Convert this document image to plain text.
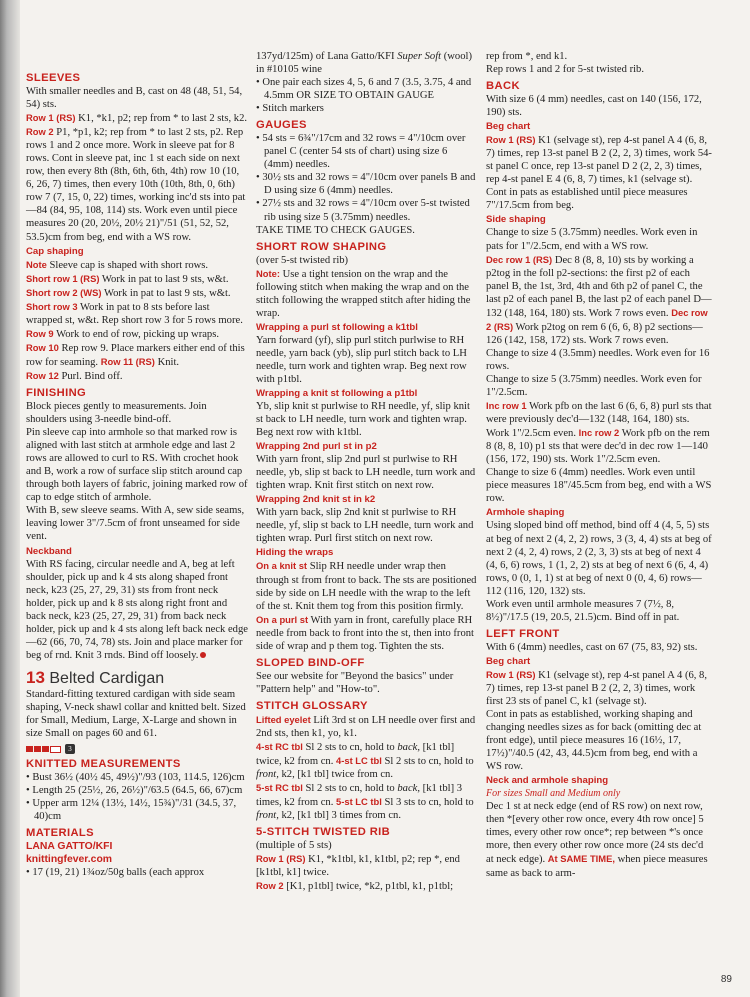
SLEEVES

With smaller needles and B, cast on 48 (48, 51, 54, 54) sts.

Row 1 (RS) K1, *k1, p2; rep from * to last 2 sts, k2. Row 2 P1, *p1, k2; rep from * to last 2 sts, p2. Rep rows 1 and 2 once more. Work in sleeve pat for 8 rows. Cont in sleeve pat, inc 1 st each side on next row, then every 8th (8th, 6th, 6th, 4th) row 10 (10, 6, 26, 7) times, then every 10th (10th, 8th, 0, 6th) row 7 (7, 15, 0, 22) times, working inc'd sts into pat—84 (84, 95, 108, 114) sts. Work even until piece measures 20 (20, 20½, 20½ 21)"/51 (51, 52, 52, 53.5)cm from beg, end with a WS row.

Cap shaping

Note Sleeve cap is shaped with short rows.

Short row 1 (RS) Work in pat to last 9 sts, w&t.

Short row 2 (WS) Work in pat to last 9 sts, w&t.

Short row 3 Work in pat to 8 sts before last wrapped st, w&t. Rep short row 3 for 5 rows more.

Row 9 Work to end of row, picking up wraps.

Row 10 Rep row 9. Place markers either end of this row for seaming. Row 11 (RS) Knit.

Row 12 Purl. Bind off.

FINISHING

Block pieces gently to measurements. Join shoulders using 3-needle bind-off.

Pin sleeve cap into armhole so that marked row is aligned with last stitch at armhole edge and last 2 rows are allowed to curl to RS. With crochet hook and B, work a row of surface slip stitch around cap through both layers of fabric, joining marked row of cap to edge stitch of armhole.

With B, sew sleeve seams. With A, sew side seams, leaving lower 3"/7.5cm of front unseamed for side vent.

Neckband

With RS facing, circular needle and A, beg at left shoulder, pick up and k 4 sts along shaped front neck, k23 (25, 27, 29, 31) sts from front neck holder, pick up and k 8 sts along right front and back neck, k23 (25, 27, 29, 31) from back neck holder, pick up and k 4 sts along left back neck edge—62 (66, 70, 74, 78) sts. Join and place marker for beg of rnd. Knit 3 rnds. Bind off loosely.

13 Belted Cardigan

Standard-fitting textured cardigan with side seam shaping, V-neck shawl collar and knitted belt. Sized for Small, Medium, Large, X-Large and shown in size Small on pages 60 and 61.

3
KNITTED MEASUREMENTS

• Bust 36½ (40½ 45, 49½)"/93 (103, 114.5, 126)cm

• Length 25 (25½, 26, 26½)"/63.5 (64.5, 66, 67)cm

• Upper arm 12¼ (13½, 14½, 15¾)"/31 (34.5, 37, 40)cm

MATERIALS
LANA GATTO/KFI
knittingfever.com

• 17 (19, 21) 1¾oz/50g balls (each approx

137yd/125m) of Lana Gatto/KFI Super Soft (wool) in #10105 wine

• One pair each sizes 4, 5, 6 and 7 (3.5, 3.75, 4 and 4.5mm OR SIZE TO OBTAIN GAUGE

• Stitch markers

GAUGES

• 54 sts = 6¾"/17cm and 32 rows = 4"/10cm over panel C (center 54 sts of chart) using size 6 (4mm) needles.

• 30½ sts and 32 rows = 4"/10cm over panels B and D using size 6 (4mm) needles.

• 27½ sts and 32 rows = 4"/10cm over 5-st twisted rib using size 5 (3.75mm) needles.

TAKE TIME TO CHECK GAUGES.

SHORT ROW SHAPING

(over 5-st twisted rib)

Note: Use a tight tension on the wrap and the following stitch when making the wrap and on the stitch following the wrapped stitch after hiding the wrap.

Wrapping a purl st following a k1tbl

Yarn forward (yf), slip purl stitch purlwise to RH needle, yarn back (yb), slip purl stitch back to LH needle, turn work and tighten wrap. Beg next row with p1tbl.

Wrapping a knit st following a p1tbl

Yb, slip knit st purlwise to RH needle, yf, slip knit st back to LH needle, turn work and tighten wrap. Beg next row with k1tbl.

Wrapping 2nd purl st in p2

With yarn front, slip 2nd purl st purlwise to RH needle, yb, slip st back to LH needle, turn work and tighten wrap. Knit first stitch on next row.

Wrapping 2nd knit st in k2

With yarn back, slip 2nd knit st purlwise to RH needle, yf, slip st back to LH needle, turn work and tighten wrap. Purl first stitch on next row.

Hiding the wraps

On a knit st Slip RH needle under wrap then through st from front to back. The sts are positioned side by side on LH needle with the wrap to the left of the st. Knit them tog from this position firmly.

On a purl st With yarn in front, carefully place RH needle from back to front into the st, then into front side of wrap and p them tog. Tighten the sts.

SLOPED BIND-OFF

See our website for "Beyond the basics" under "Pattern help" and "How-to".

STITCH GLOSSARY

Lifted eyelet Lift 3rd st on LH needle over first and 2nd sts, then k1, yo, k1.

4-st RC tbl Sl 2 sts to cn, hold to back, [k1 tbl] twice, k2 from cn. 4-st LC tbl Sl 2 sts to cn, hold to front, k2, [k1 tbl] twice from cn.

5-st RC tbl Sl 2 sts to cn, hold to back, [k1 tbl] 3 times, k2 from cn. 5-st LC tbl Sl 3 sts to cn, hold to front, k2, [k1 tbl] 3 times from cn.

5-STITCH TWISTED RIB

(multiple of 5 sts)

Row 1 (RS) K1, *k1tbl, k1, k1tbl, p2; rep *, end [k1tbl, k1] twice.

Row 2 [K1, p1tbl] twice, *k2, p1tbl, k1, p1tbl;

rep from *, end k1.

Rep rows 1 and 2 for 5-st twisted rib.

BACK

With size 6 (4 mm) needles, cast on 140 (156, 172, 190) sts.

Beg chart

Row 1 (RS) K1 (selvage st), rep 4-st panel A 4 (6, 8, 7) times, rep 13-st panel B 2 (2, 2, 3) times, work 54-st panel C once, rep 13-st panel D 2 (2, 2, 3) times, rep 4-st panel E 4 (6, 8, 7) times, k1 (selvage st). Cont in pats as established until piece measures 7"/17.5cm from beg.

Side shaping

Change to size 5 (3.75mm) needles. Work even in pats for 1"/2.5cm, end with a WS row.

Dec row 1 (RS) Dec 8 (8, 8, 10) sts by working a p2tog in the foll p2-sections: the first p2 of each panel B, the 1st, 3rd, 4th and 6th p2 of panel C, the last p2 of each panel B, the last p2 of each panel D—132 (148, 164, 180) sts. Work 7 rows even. Dec row 2 (RS) Work p2tog on rem 6 (6, 6, 8) p2 sections—126 (142, 158, 172) sts. Work 7 rows even.

Change to size 4 (3.5mm) needles. Work even for 16 rows.

Change to size 5 (3.75mm) needles. Work even for 1"/2.5cm.

Inc row 1 Work pfb on the last 6 (6, 6, 8) purl sts that were previously dec'd—132 (148, 164, 180) sts. Work 1"/2.5cm even. Inc row 2 Work pfb on the rem 8 (8, 8, 10) p1 sts that were dec'd in dec row 1—140 (156, 172, 190) sts. Work 1"/2.5cm even.

Change to size 6 (4mm) needles. Work even until piece measures 18"/45.5cm from beg, end with a WS row.

Armhole shaping

Using sloped bind off method, bind off 4 (4, 5, 5) sts at beg of next 2 (4, 2, 2) rows, 3 (3, 4, 4) sts at beg of next 2 (4, 2, 4) rows, 2 (2, 3, 3) sts at beg of next 4 (4, 6, 6) rows, 1 (1, 2, 2) sts at beg of next 6 (6, 4, 4) rows, 0 (0, 1, 1) st at beg of next 0 (0, 4, 6) rows—112 (116, 120, 132) sts.

Work even until armhole measures 7 (7½, 8, 8½)"/17.5 (19, 20.5, 21.5)cm. Bind off in pat.

LEFT FRONT

With 6 (4mm) needles, cast on 67 (75, 83, 92) sts.

Beg chart

Row 1 (RS) K1 (selvage st), rep 4-st panel A 4 (6, 8, 7) times, rep 13-st panel B 2 (2, 2, 3) times, work first 23 sts of panel C, k1 (selvage st).

Cont in pats as established, working shaping and changing needles sizes as for back (omitting dec at front edge), until piece measures 16 (16½, 17, 17½)"/40.5 (42, 43, 44.5)cm from beg, end with a WS row.

Neck and armhole shaping
For sizes Small and Medium only

Dec 1 st at neck edge (end of RS row) on next row, then *[every other row once, every 4th row once] 5 times, every other row once*; rep between *'s once more, then every other row once more (24 sts dec'd at neck edge). At SAME TIME, when piece measures same as back to arm-

89
